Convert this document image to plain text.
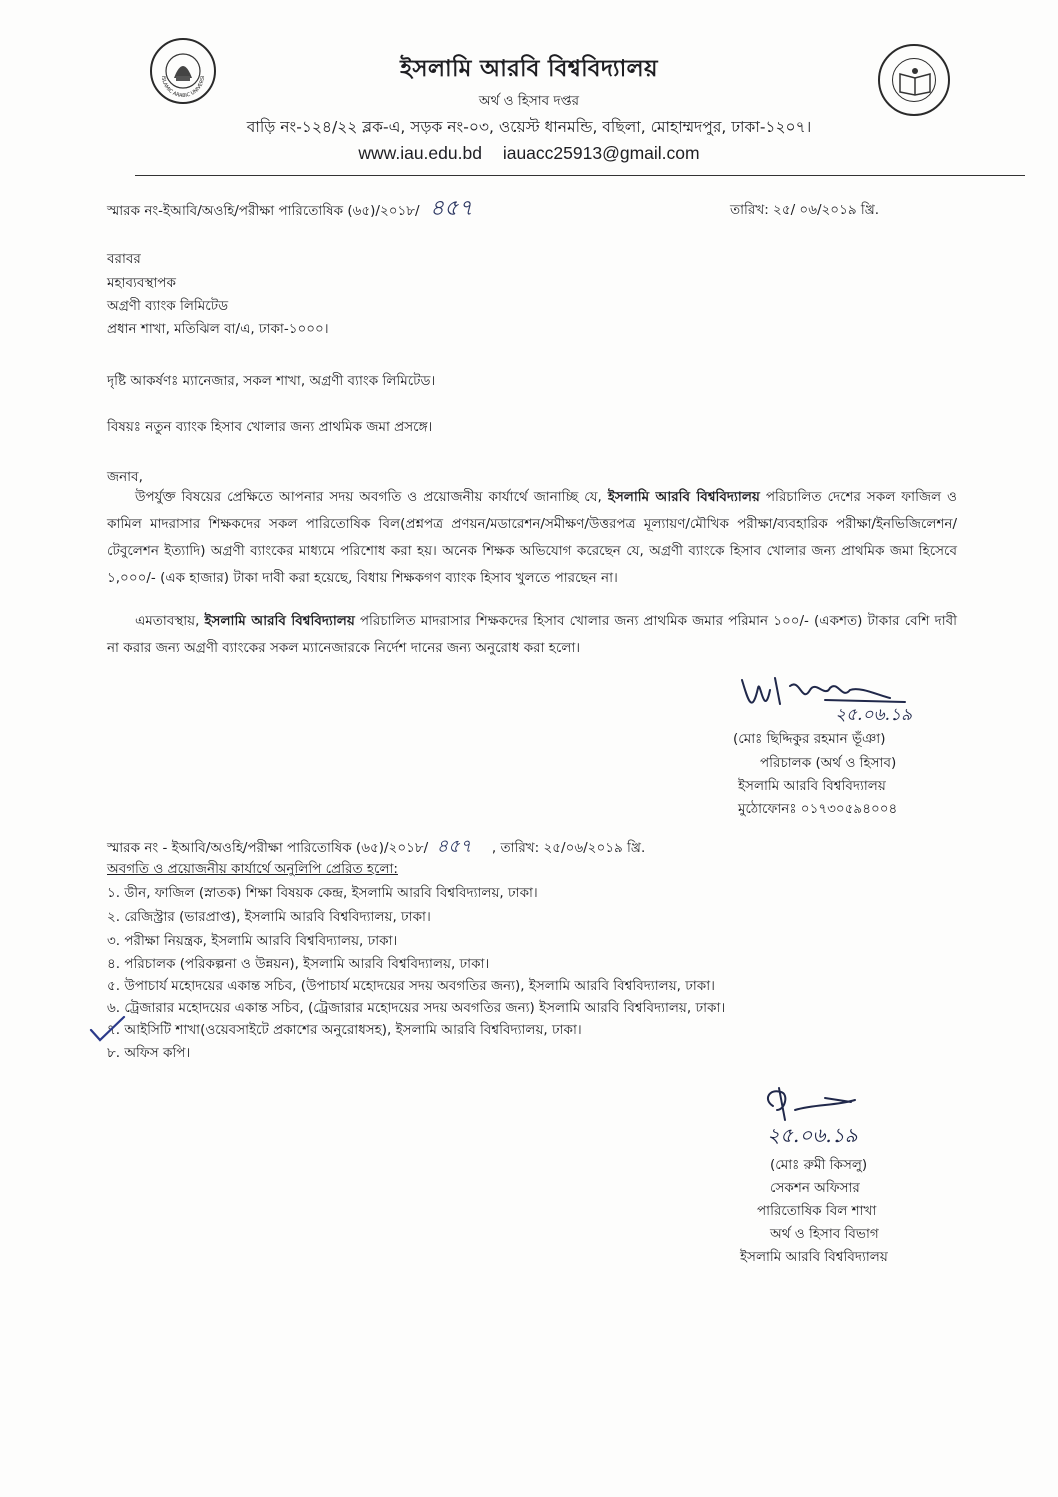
ISLAMIC ARABIC UNIVERSI	ইসলামি আরবি বিশ্ববিদ্যালয়
অর্থ ও হিসাব দপ্তর
বাড়ি নং-১২৪/২২ ব্লক-এ, সড়ক নং-০৩, ওয়েস্ট ধানমন্ডি, বছিলা, মোহাম্মদপুর, ঢাকা-১২০৭।
www.iau.edu.bd iauacc25913@gmail.com
স্মারক নং-ইআবি/অওহি/পরীক্ষা পারিতোষিক (৬৫)/২০১৮/ ৪৫৭	তারিখ: ২৫/ ০৬/২০১৯ খ্রি.
বরাবর
মহাব্যবস্থাপক
অগ্রণী ব্যাংক লিমিটেড
প্রধান শাখা, মতিঝিল বা/এ, ঢাকা-১০০০।
দৃষ্টি আকর্ষণঃ ম্যানেজার, সকল শাখা, অগ্রণী ব্যাংক লিমিটেড।
বিষয়ঃ নতুন ব্যাংক হিসাব খোলার জন্য প্রাথমিক জমা প্রসঙ্গে।
জনাব,
উপর্যুক্ত বিষয়ের প্রেক্ষিতে আপনার সদয় অবগতি ও প্রয়োজনীয় কার্যার্থে জানাচ্ছি যে, ইসলামি আরবি বিশ্ববিদ্যালয় পরিচালিত দেশের সকল ফাজিল ও কামিল মাদরাসার শিক্ষকদের সকল পারিতোষিক বিল(প্রশ্নপত্র প্রণয়ন/মডারেশন/সমীক্ষণ/উত্তরপত্র মূল্যায়ণ/মৌখিক পরীক্ষা/ব্যবহারিক পরীক্ষা/ইনভিজিলেশন/টেবুলেশন ইত্যাদি) অগ্রণী ব্যাংকের মাধ্যমে পরিশোধ করা হয়। অনেক শিক্ষক অভিযোগ করেছেন যে, অগ্রণী ব্যাংকে হিসাব খোলার জন্য প্রাথমিক জমা হিসেবে ১,০০০/- (এক হাজার) টাকা দাবী করা হয়েছে, বিধায় শিক্ষকগণ ব্যাংক হিসাব খুলতে পারছেন না।
এমতাবস্থায়, ইসলামি আরবি বিশ্ববিদ্যালয় পরিচালিত মাদরাসার শিক্ষকদের হিসাব খোলার জন্য প্রাথমিক জমার পরিমান ১০০/- (একশত) টাকার বেশি দাবী না করার জন্য অগ্রণী ব্যাংকের সকল ম্যানেজারকে নির্দেশ দানের জন্য অনুরোধ করা হলো।
২৫.০৬.১৯
(মোঃ ছিদ্দিকুর রহমান ভূঁঞা)
পরিচালক (অর্থ ও হিসাব)
ইসলামি আরবি বিশ্ববিদ্যালয়
মুঠোফোনঃ ০১৭৩০৫৯৪০০৪
স্মারক নং - ইআবি/অওহি/পরীক্ষা পারিতোষিক (৬৫)/২০১৮/ ৪৫৭ , তারিখ: ২৫/০৬/২০১৯ খ্রি.
অবগতি ও প্রয়োজনীয় কার্যার্থে অনুলিপি প্রেরিত হলো:
১. ডীন, ফাজিল (স্নাতক) শিক্ষা বিষয়ক কেন্দ্র, ইসলামি আরবি বিশ্ববিদ্যালয়, ঢাকা।
২. রেজিস্ট্রার (ভারপ্রাপ্ত), ইসলামি আরবি বিশ্ববিদ্যালয়, ঢাকা।
৩. পরীক্ষা নিয়ন্ত্রক, ইসলামি আরবি বিশ্ববিদ্যালয়, ঢাকা।
৪. পরিচালক (পরিকল্পনা ও উন্নয়ন), ইসলামি আরবি বিশ্ববিদ্যালয়, ঢাকা।
৫. উপাচার্য মহোদয়ের একান্ত সচিব, (উপাচার্য মহোদয়ের সদয় অবগতির জন্য), ইসলামি আরবি বিশ্ববিদ্যালয়, ঢাকা।
৬. ট্রেজারার মহোদয়ের একান্ত সচিব, (ট্রেজারার মহোদয়ের সদয় অবগতির জন্য) ইসলামি আরবি বিশ্ববিদ্যালয়, ঢাকা।
৭. আইসিটি শাখা(ওয়েবসাইটে প্রকাশের অনুরোধসহ), ইসলামি আরবি বিশ্ববিদ্যালয়, ঢাকা।
৮. অফিস কপি।
২৫.০৬.১৯
(মোঃ রুমী কিসলু)
সেকশন অফিসার
পারিতোষিক বিল শাখা
অর্থ ও হিসাব বিভাগ
ইসলামি আরবি বিশ্ববিদ্যালয়
